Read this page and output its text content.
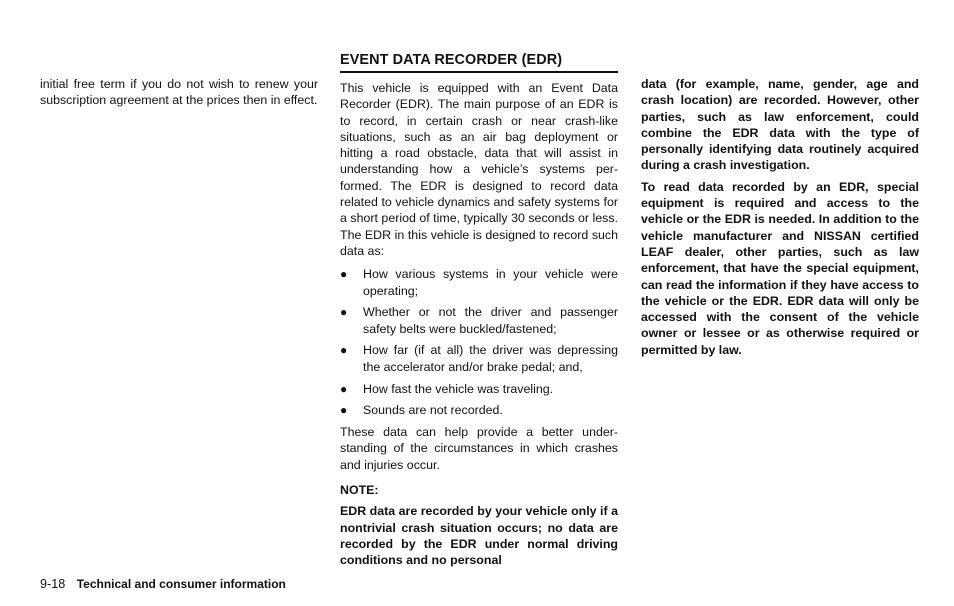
initial free term if you do not wish to renew your subscription agreement at the prices then in effect.

EVENT DATA RECORDER (EDR)

This vehicle is equipped with an Event Data Recorder (EDR). The main purpose of an EDR is to record, in certain crash or near crash-like situations, such as an air bag deployment or hitting a road obstacle, data that will assist in understanding how a vehicle’s systems per-formed. The EDR is designed to record data related to vehicle dynamics and safety systems for a short period of time, typically 30 seconds or less. The EDR in this vehicle is designed to record such data as:

● How various systems in your vehicle were operating;
● Whether or not the driver and passenger safety belts were buckled/fastened;
● How far (if at all) the driver was depressing the accelerator and/or brake pedal; and,
● How fast the vehicle was traveling.
● Sounds are not recorded.

These data can help provide a better under-standing of the circumstances in which crashes and injuries occur.

NOTE:

EDR data are recorded by your vehicle only if a nontrivial crash situation occurs; no data are recorded by the EDR under normal driving conditions and no personal

data (for example, name, gender, age and crash location) are recorded. However, other parties, such as law enforcement, could combine the EDR data with the type of personally identifying data routinely acquired during a crash investigation.

To read data recorded by an EDR, special equipment is required and access to the vehicle or the EDR is needed. In addition to the vehicle manufacturer and NISSAN certified LEAF dealer, other parties, such as law enforcement, that have the special equipment, can read the information if they have access to the vehicle or the EDR. EDR data will only be accessed with the consent of the vehicle owner or lessee or as otherwise required or permitted by law.

9-18 Technical and consumer information
